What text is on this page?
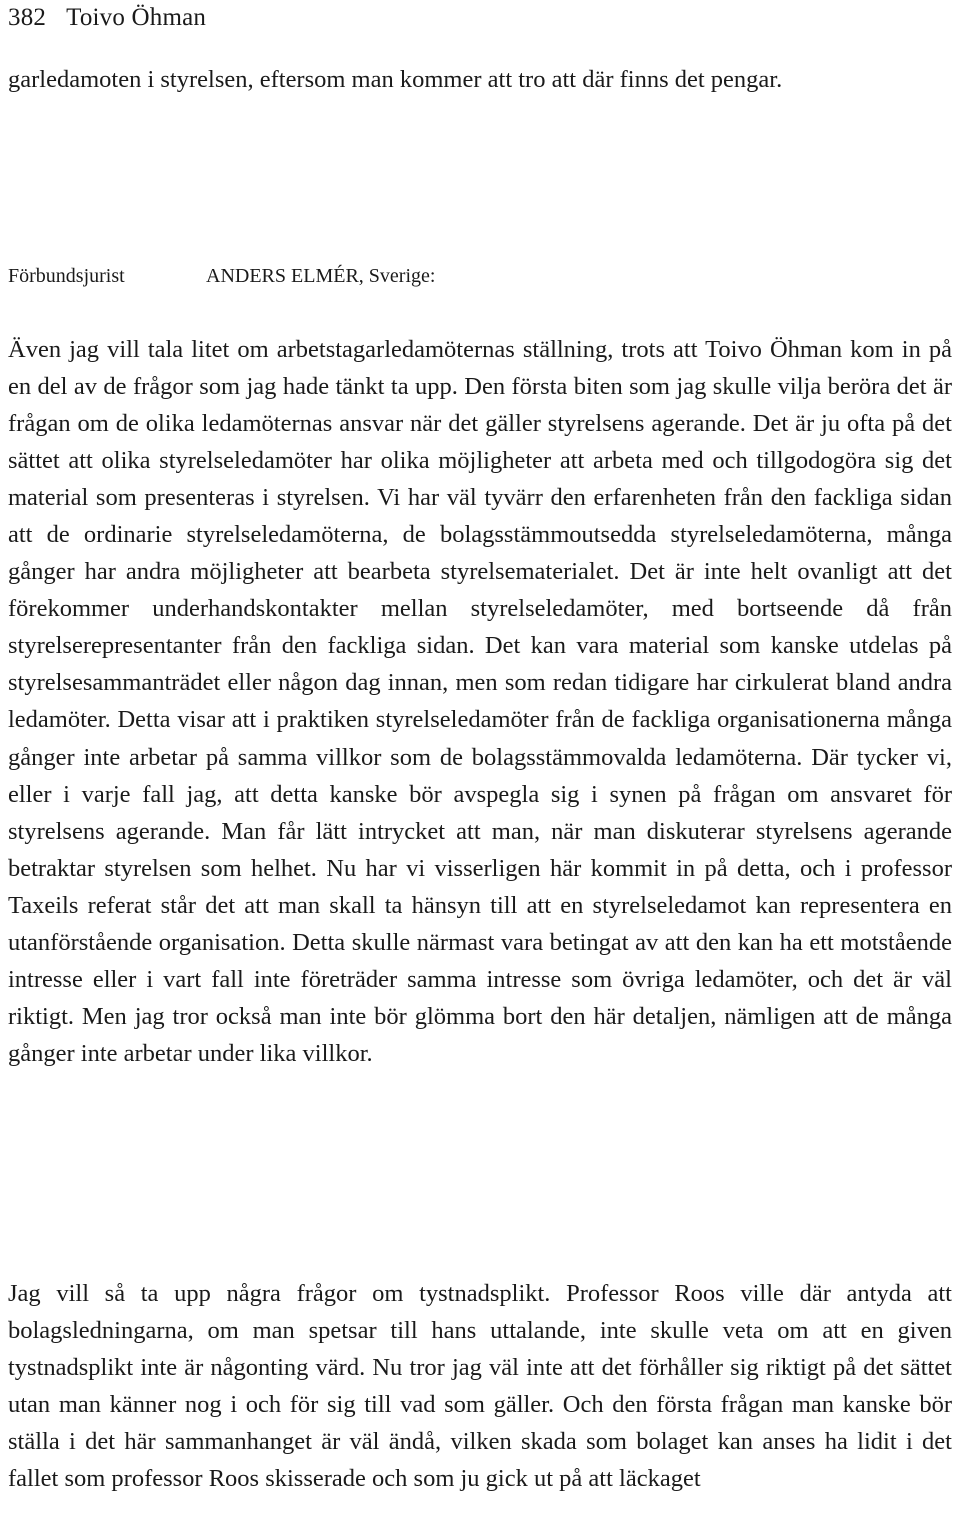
382 Toivo Öhman

garledamoten i styrelsen, eftersom man kommer att tro att där finns det pengar.

Förbundsjurist	ANDERS ELMÉR, Sverige:

Även jag vill tala litet om arbetstagarledamöternas ställning, trots att Toivo Öhman kom in på en del av de frågor som jag hade tänkt ta upp. Den första biten som jag skulle vilja beröra det är frågan om de olika ledamöternas ansvar när det gäller styrelsens agerande. Det är ju ofta på det sättet att olika styrelseledamöter har olika möjligheter att arbeta med och tillgodogöra sig det material som presenteras i styrelsen. Vi har väl tyvärr den erfarenheten från den fackliga sidan att de ordinarie styrelseledamöterna, de bolagsstämmoutsedda styrelseledamöterna, många gånger har andra möjligheter att bearbeta styrelsematerialet. Det är inte helt ovanligt att det förekommer underhandskontakter mellan styrelseledamöter, med bortseende då från styrelserepresentanter från den fackliga sidan. Det kan vara material som kanske utdelas på styrelsesammanträdet eller någon dag innan, men som redan tidigare har cirkulerat bland andra ledamöter. Detta visar att i praktiken styrelseledamöter från de fackliga organisationerna många gånger inte arbetar på samma villkor som de bolagsstämmovalda ledamöterna. Där tycker vi, eller i varje fall jag, att detta kanske bör avspegla sig i synen på frågan om ansvaret för styrelsens agerande. Man får lätt intrycket att man, när man diskuterar styrelsens agerande betraktar styrelsen som helhet. Nu har vi visserligen här kommit in på detta, och i professor Taxeils referat står det att man skall ta hänsyn till att en styrelseledamot kan representera en utanförstående organisation. Detta skulle närmast vara betingat av att den kan ha ett motstående intresse eller i vart fall inte företräder samma intresse som övriga ledamöter, och det är väl riktigt. Men jag tror också man inte bör glömma bort den här detaljen, nämligen att de många gånger inte arbetar under lika villkor.

Jag vill så ta upp några frågor om tystnadsplikt. Professor Roos ville där antyda att bolagsledningarna, om man spetsar till hans uttalande, inte skulle veta om att en given tystnadsplikt inte är någonting värd. Nu tror jag väl inte att det förhåller sig riktigt på det sättet utan man känner nog i och för sig till vad som gäller. Och den första frågan man kanske bör ställa i det här sammanhanget är väl ändå, vilken skada som bolaget kan anses ha lidit i det fallet som professor Roos skisserade och som ju gick ut på att läckaget
